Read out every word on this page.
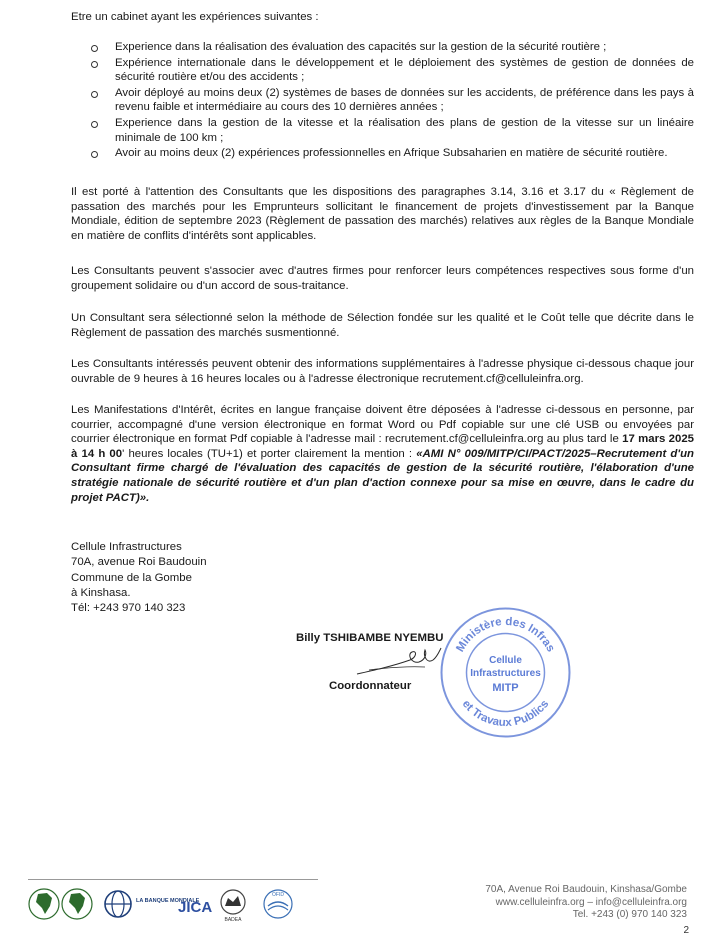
Etre un cabinet ayant les expériences suivantes :

Experience dans la réalisation des évaluation des capacités sur la gestion de la sécurité routière ;
Expérience internationale dans le développement et le déploiement des systèmes de gestion de données de sécurité routière et/ou des accidents ;
Avoir déployé au moins deux (2) systèmes de bases de données sur les accidents, de préférence dans les pays à revenu faible et intermédiaire au cours des 10 dernières années ;
Experience dans la gestion de la vitesse et la réalisation des plans de gestion de la vitesse sur un linéaire minimale de 100 km ;
Avoir au moins deux (2) expériences professionnelles en Afrique Subsaharien en matière de sécurité routière.

Il est porté à l'attention des Consultants que les dispositions des paragraphes 3.14, 3.16 et 3.17 du « Règlement de passation des marchés pour les Emprunteurs sollicitant le financement de projets d'investissement par la Banque Mondiale, édition de septembre 2023 (Règlement de passation des marchés) relatives aux règles de la Banque Mondiale en matière de conflits d'intérêts sont applicables.

Les Consultants peuvent s'associer avec d'autres firmes pour renforcer leurs compétences respectives sous forme d'un groupement solidaire ou d'un accord de sous-traitance.

Un Consultant sera sélectionné selon la méthode de Sélection fondée sur les qualité et le Coût telle que décrite dans le Règlement de passation des marchés susmentionné.

Les Consultants intéressés peuvent obtenir des informations supplémentaires à l'adresse physique ci-dessous chaque jour ouvrable de 9 heures à 16 heures locales ou à l'adresse électronique recrutement.cf@celluleinfra.org.

Les Manifestations d'Intérêt, écrites en langue française doivent être déposées à l'adresse ci-dessous en personne, par courrier, accompagné d'une version électronique en format Word ou Pdf copiable sur une clé USB ou envoyées par courrier électronique en format Pdf copiable à l'adresse mail : recrutement.cf@celluleinfra.org au plus tard le 17 mars 2025 à 14 h 00' heures locales (TU+1) et porter clairement la mention : «AMI N° 009/MITP/CI/PACT/2025–Recrutement d'un Consultant firme chargé de l'évaluation des capacités de gestion de la sécurité routière, l'élaboration d'une stratégie nationale de sécurité routière et d'un plan d'action connexe pour sa mise en œuvre, dans le cadre du projet PACT)».

Cellule Infrastructures
70A, avenue Roi Baudouin
Commune de la Gombe
à Kinshasa.
Tél: +243 970 140 323
Billy TSHIBAMBE NYEMBU
Ministère des Infras
et Travaux Publics
Cellule
Infrastructures
MITP
Coordonnateur
LA BANQUE MONDIALE
JICA
BADEA
OFID	70A, Avenue Roi Baudouin, Kinshasa/Gombe
www.celluleinfra.org – info@celluleinfra.org
Tel. +243 (0) 970 140 323
2
